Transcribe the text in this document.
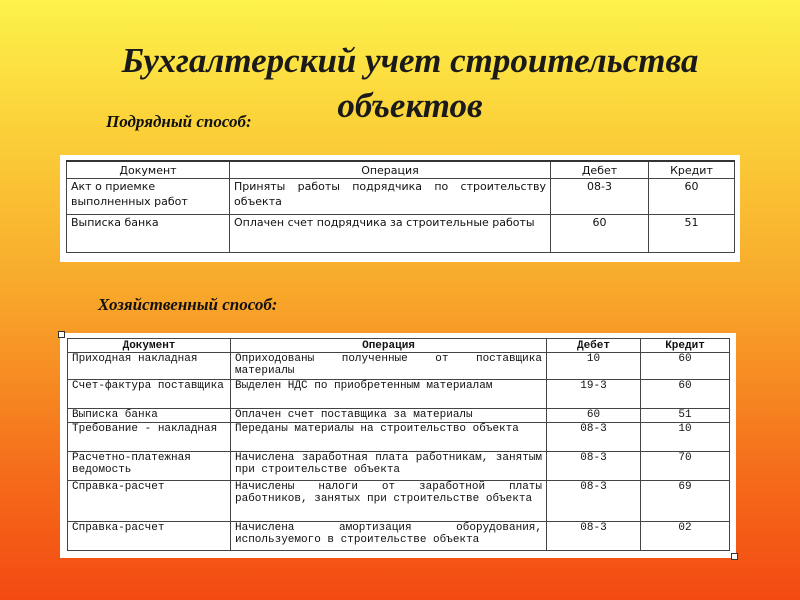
Бухгалтерский учет строительства объектов

Подрядный способ:

Документ	Операция	Дебет	Кредит
Акт о приемке выполненных работ	Приняты работы подрядчика по строительству объекта	08-3	60
Выписка банка	Оплачен счет подрядчика за строительные работы	60	51

Хозяйственный способ:

Документ	Операция	Дебет	Кредит
Приходная накладная	Оприходованы полученные от поставщика материалы	10	60
Счет-фактура поставщика	Выделен НДС по приобретенным материалам	19-3	60
Выписка банка	Оплачен счет поставщика за материалы	60	51
Требование - накладная	Переданы материалы на строительство объекта	08-3	10
Расчетно-платежная ведомость	Начислена заработная плата работникам, занятым при строительстве объекта	08-3	70
Справка-расчет	Начислены налоги от заработной платы работников, занятых при строительстве объекта	08-3	69
Справка-расчет	Начислена амортизация оборудования, используемого в строительстве объекта	08-3	02
